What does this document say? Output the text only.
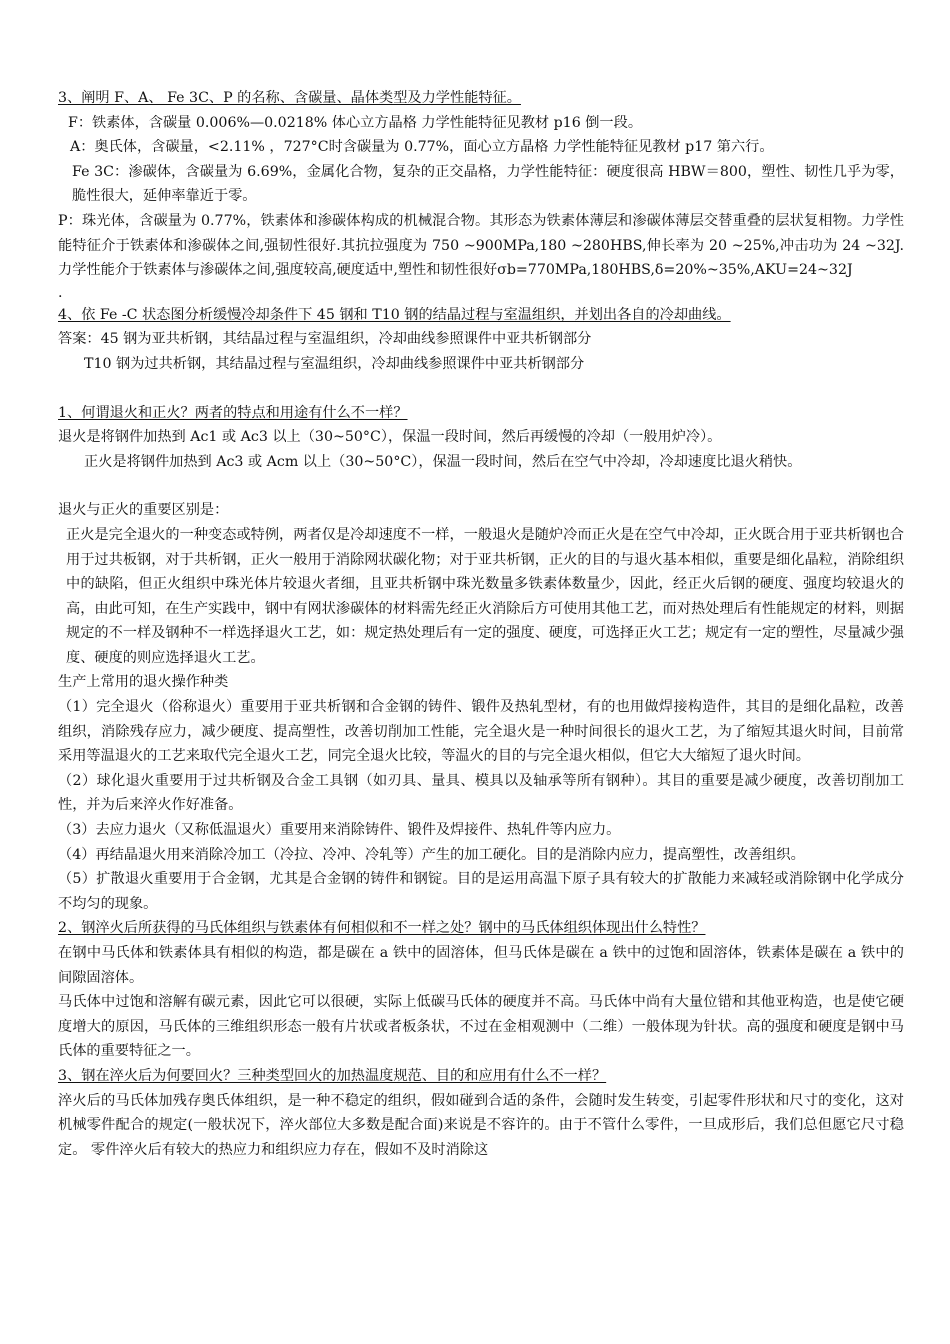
3、阐明 F、A、 Fe 3C、P 的名称、含碳量、晶体类型及力学性能特征。

F：铁素体，含碳量 0.006%—0.0218% 体心立方晶格 力学性能特征见教材 p16 倒一段。

A：奥氏体，含碳量，<2.11% ，727°C时含碳量为 0.77%，面心立方晶格 力学性能特征见教材 p17 第六行。

Fe 3C：渗碳体，含碳量为 6.69%，金属化合物，复杂的正交晶格，力学性能特征：硬度很高 HBW＝800，塑性、韧性几乎为零，脆性很大，延伸率靠近于零。

P：珠光体，含碳量为 0.77%，铁素体和渗碳体构成的机械混合物。其形态为铁素体薄层和渗碳体薄层交替重叠的层状复相物。力学性能特征介于铁素体和渗碳体之间,强韧性很好.其抗拉强度为 750 ~900MPa,180 ~280HBS,伸长率为 20 ~25%,冲击功为 24 ~32J.力学性能介于铁素体与渗碳体之间,强度较高,硬度适中,塑性和韧性很好σb=770MPa,180HBS,δ=20%~35%,AKU=24~32J

.

4、依 Fe -C 状态图分析缓慢冷却条件下 45 钢和 T10 钢的结晶过程与室温组织，并划出各自的冷却曲线。

答案：45 钢为亚共析钢，其结晶过程与室温组织，冷却曲线参照课件中亚共析钢部分

T10 钢为过共析钢，其结晶过程与室温组织，冷却曲线参照课件中亚共析钢部分

1、何谓退火和正火？两者的特点和用途有什么不一样？

退火是将钢件加热到 Ac1 或 Ac3 以上（30~50°C），保温一段时间，然后再缓慢的冷却（一般用炉冷）。

正火是将钢件加热到 Ac3 或 Acm 以上（30~50°C），保温一段时间，然后在空气中冷却，冷却速度比退火稍快。

退火与正火的重要区别是：

正火是完全退火的一种变态或特例，两者仅是冷却速度不一样，一般退火是随炉冷而正火是在空气中冷却，正火既合用于亚共析钢也合用于过共板钢，对于共析钢，正火一般用于消除网状碳化物；对于亚共析钢，正火的目的与退火基本相似，重要是细化晶粒，消除组织中的缺陷，但正火组织中珠光体片较退火者细，且亚共析钢中珠光数量多铁素体数量少，因此，经正火后钢的硬度、强度均较退火的高，由此可知，在生产实践中，钢中有网状渗碳体的材料需先经正火消除后方可使用其他工艺，而对热处理后有性能规定的材料，则据规定的不一样及钢种不一样选择退火工艺，如：规定热处理后有一定的强度、硬度，可选择正火工艺；规定有一定的塑性，尽量减少强度、硬度的则应选择退火工艺。

生产上常用的退火操作种类

（1）完全退火（俗称退火）重要用于亚共析钢和合金钢的铸件、锻件及热轧型材，有的也用做焊接构造件，其目的是细化晶粒，改善组织，消除残存应力，减少硬度、提高塑性，改善切削加工性能，完全退火是一种时间很长的退火工艺，为了缩短其退火时间，目前常采用等温退火的工艺来取代完全退火工艺，同完全退火比较，等温火的目的与完全退火相似，但它大大缩短了退火时间。

（2）球化退火重要用于过共析钢及合金工具钢（如刃具、量具、模具以及轴承等所有钢种）。其目的重要是减少硬度，改善切削加工性，并为后来淬火作好准备。

（3）去应力退火（又称低温退火）重要用来消除铸件、锻件及焊接件、热轧件等内应力。

（4）再结晶退火用来消除冷加工（冷拉、冷冲、冷轧等）产生的加工硬化。目的是消除内应力，提高塑性，改善组织。

（5）扩散退火重要用于合金钢，尤其是合金钢的铸件和钢锭。目的是运用高温下原子具有较大的扩散能力来减轻或消除钢中化学成分不均匀的现象。

2、钢淬火后所获得的马氏体组织与铁素体有何相似和不一样之处？钢中的马氏体组织体现出什么特性？

在钢中马氏体和铁素体具有相似的构造，都是碳在 a 铁中的固溶体，但马氏体是碳在 a 铁中的过饱和固溶体，铁素体是碳在 a 铁中的间隙固溶体。

马氏体中过饱和溶解有碳元素，因此它可以很硬，实际上低碳马氏体的硬度并不高。马氏体中尚有大量位错和其他亚构造，也是使它硬度增大的原因，马氏体的三维组织形态一般有片状或者板条状，不过在金相观测中（二维）一般体现为针状。高的强度和硬度是钢中马氏体的重要特征之一。

3、钢在淬火后为何要回火？三种类型回火的加热温度规范、目的和应用有什么不一样？

淬火后的马氏体加残存奥氏体组织，是一种不稳定的组织，假如碰到合适的条件，会随时发生转变，引起零件形状和尺寸的变化，这对机械零件配合的规定(一般状况下，淬火部位大多数是配合面)来说是不容许的。由于不管什么零件，一旦成形后，我们总但愿它尺寸稳定。 零件淬火后有较大的热应力和组织应力存在，假如不及时消除这
